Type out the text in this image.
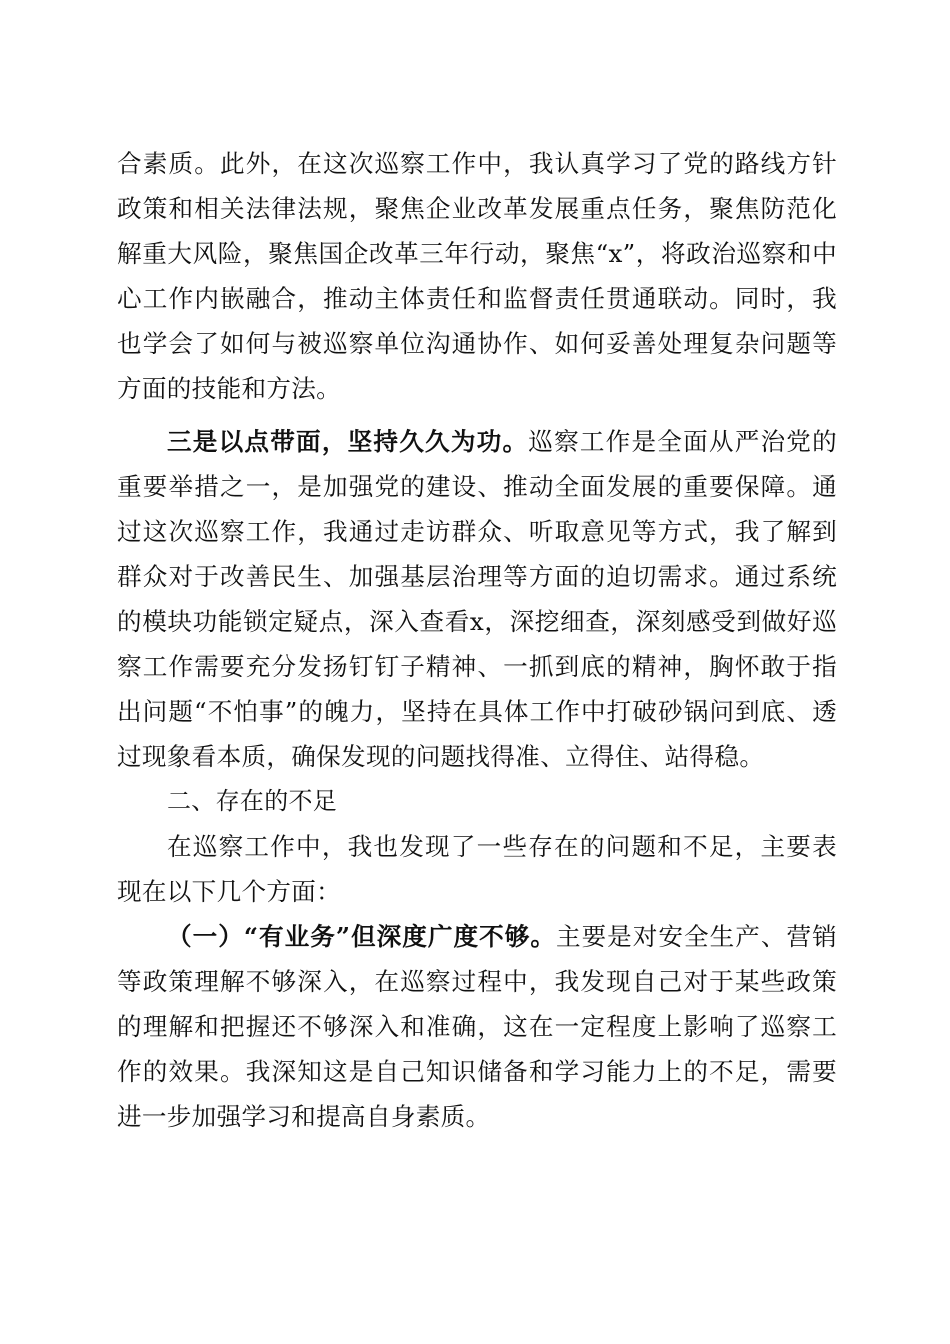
合素质。此外，在这次巡察工作中，我认真学习了党的路线方针政策和相关法律法规，聚焦企业改革发展重点任务，聚焦防范化解重大风险，聚焦国企改革三年行动，聚焦“x”，将政治巡察和中心工作内嵌融合，推动主体责任和监督责任贯通联动。同时，我也学会了如何与被巡察单位沟通协作、如何妥善处理复杂问题等方面的技能和方法。

三是以点带面，坚持久久为功。巡察工作是全面从严治党的重要举措之一，是加强党的建设、推动全面发展的重要保障。通过这次巡察工作，我通过走访群众、听取意见等方式，我了解到群众对于改善民生、加强基层治理等方面的迫切需求。通过系统的模块功能锁定疑点，深入查看x，深挖细查，深刻感受到做好巡察工作需要充分发扬钉钉子精神、一抓到底的精神，胸怀敢于指出问题“不怕事”的魄力，坚持在具体工作中打破砂锅问到底、透过现象看本质，确保发现的问题找得准、立得住、站得稳。

二、存在的不足

在巡察工作中，我也发现了一些存在的问题和不足，主要表现在以下几个方面：

（一）“有业务”但深度广度不够。主要是对安全生产、营销等政策理解不够深入，在巡察过程中，我发现自己对于某些政策的理解和把握还不够深入和准确，这在一定程度上影响了巡察工作的效果。我深知这是自己知识储备和学习能力上的不足，需要进一步加强学习和提高自身素质。
